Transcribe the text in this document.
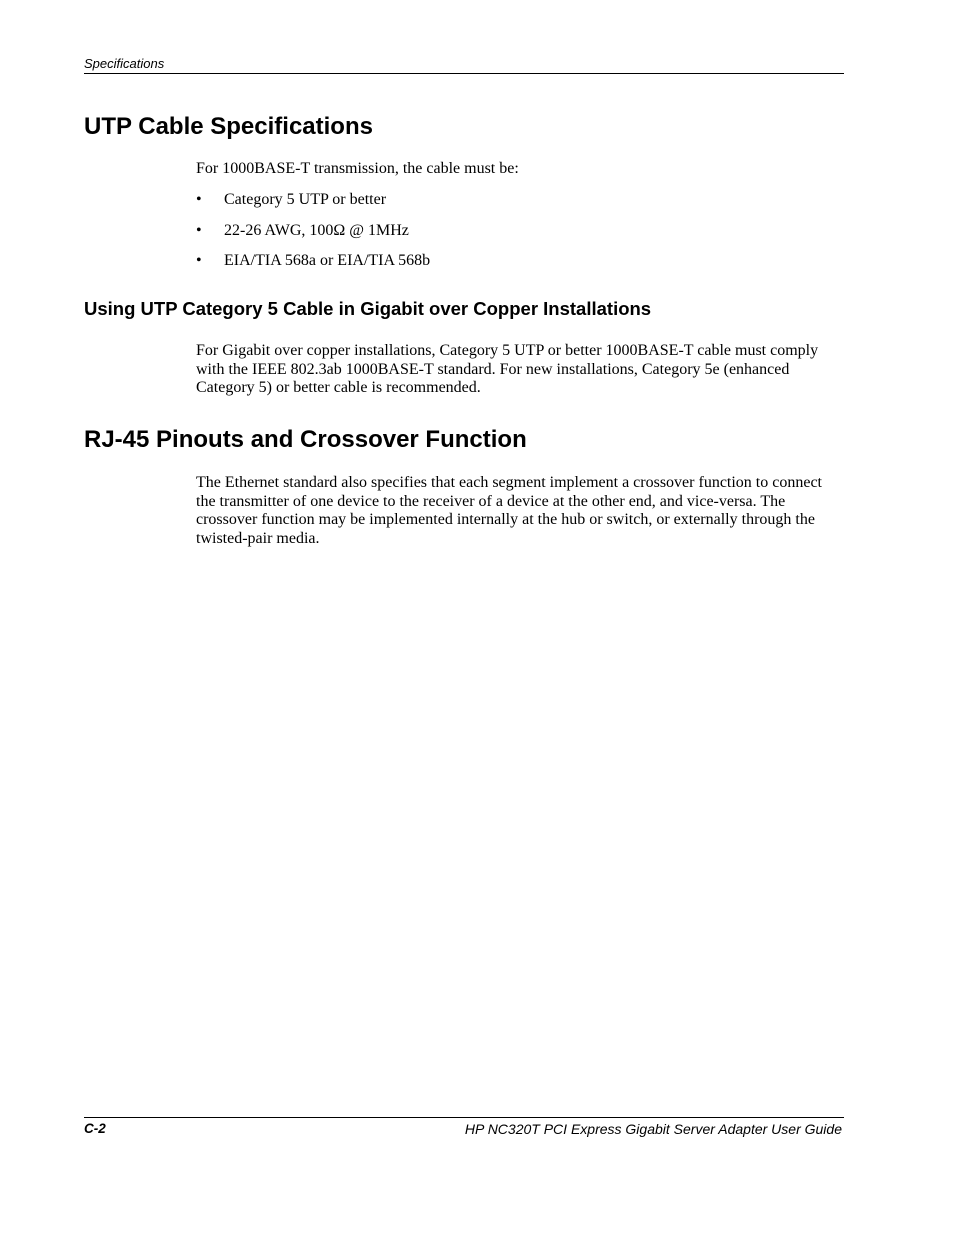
Specifications
UTP Cable Specifications

For 1000BASE-T transmission, the cable must be:

• Category 5 UTP or better
• 22-26 AWG, 100Ω @ 1MHz
• EIA/TIA 568a or EIA/TIA 568b
Using UTP Category 5 Cable in Gigabit over Copper Installations

For Gigabit over copper installations, Category 5 UTP or better 1000BASE-T cable must comply with the IEEE 802.3ab 1000BASE-T standard. For new installations, Category 5e (enhanced Category 5) or better cable is recommended.

RJ-45 Pinouts and Crossover Function

The Ethernet standard also specifies that each segment implement a crossover function to connect the transmitter of one device to the receiver of a device at the other end, and vice-versa. The crossover function may be implemented internally at the hub or switch, or externally through the twisted-pair media.

C-2	HP NC320T PCI Express Gigabit Server Adapter User Guide
